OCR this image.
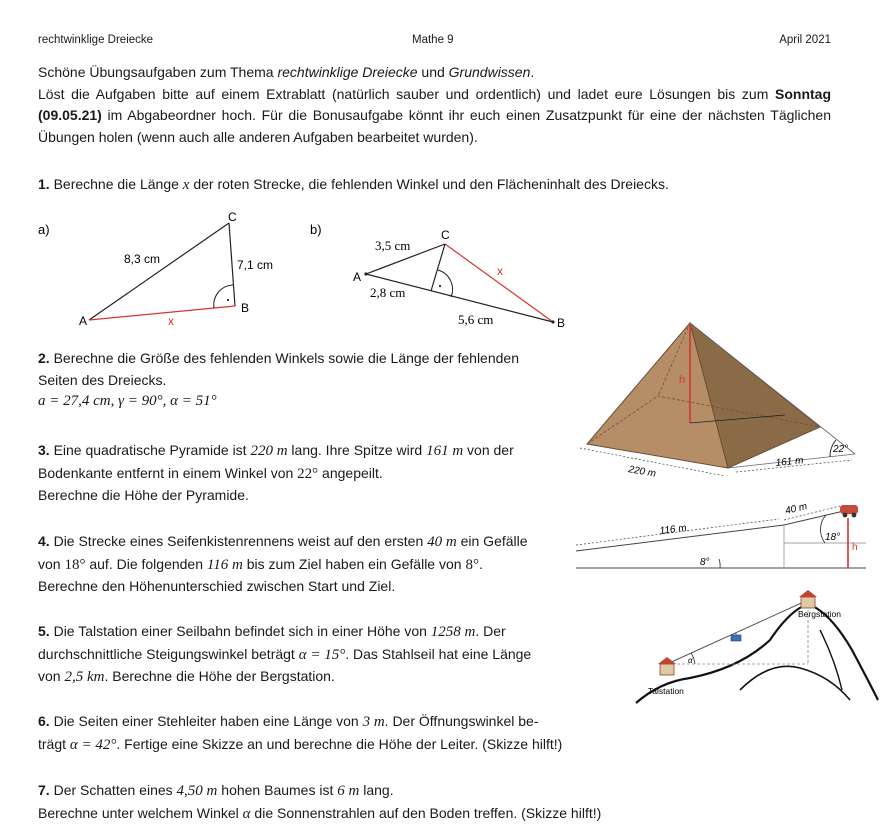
rechtwinklige Dreiecke	Mathe 9	April 2021
Schöne Übungsaufgaben zum Thema rechtwinklige Dreiecke und Grundwissen.
Löst die Aufgaben bitte auf einem Extrablatt (natürlich sauber und ordentlich) und ladet eure Lösungen bis zum Sonntag (09.05.21) im Abgabeordner hoch. Für die Bonusaufgabe könnt ihr euch einen Zusatzpunkt für eine der nächsten Täglichen Übungen holen (wenn auch alle anderen Aufgaben bearbeitet wurden).
1. Berechne die Länge x der roten Strecke, die fehlenden Winkel und den Flächeninhalt des Dreiecks.
a)
A
B
C
8,3 cm	7,1 cm
x
b)
A
B
C
3,5 cm
2,8 cm
5,6 cm
x
2. Berechne die Größe des fehlenden Winkels sowie die Länge der fehlenden
Seiten des Dreiecks.
a = 27,4 cm, γ = 90°, α = 51°
3. Eine quadratische Pyramide ist 220 m lang. Ihre Spitze wird 161 m von der
Bodenkante entfernt in einem Winkel von 22° angepeilt.
Berechne die Höhe der Pyramide.
h
220 m
161 m
22°
4. Die Strecke eines Seifenkistenrennens weist auf den ersten 40 m ein Gefälle
von 18° auf. Die folgenden 116 m bis zum Ziel haben ein Gefälle von 8°.
Berechne den Höhenunterschied zwischen Start und Ziel.
116 m
40 m
8°
18°
h
5. Die Talstation einer Seilbahn befindet sich in einer Höhe von 1258 m. Der
durchschnittliche Steigungswinkel beträgt α = 15°. Das Stahlseil hat eine Länge
von 2,5 km. Berechne die Höhe der Bergstation.
α
Bergstation
Talstation
6. Die Seiten einer Stehleiter haben eine Länge von 3 m. Der Öffnungswinkel be-
trägt α = 42°. Fertige eine Skizze an und berechne die Höhe der Leiter. (Skizze hilft!)
7. Der Schatten eines 4,50 m hohen Baumes ist 6 m lang.
Berechne unter welchem Winkel α die Sonnenstrahlen auf den Boden treffen. (Skizze hilft!)
